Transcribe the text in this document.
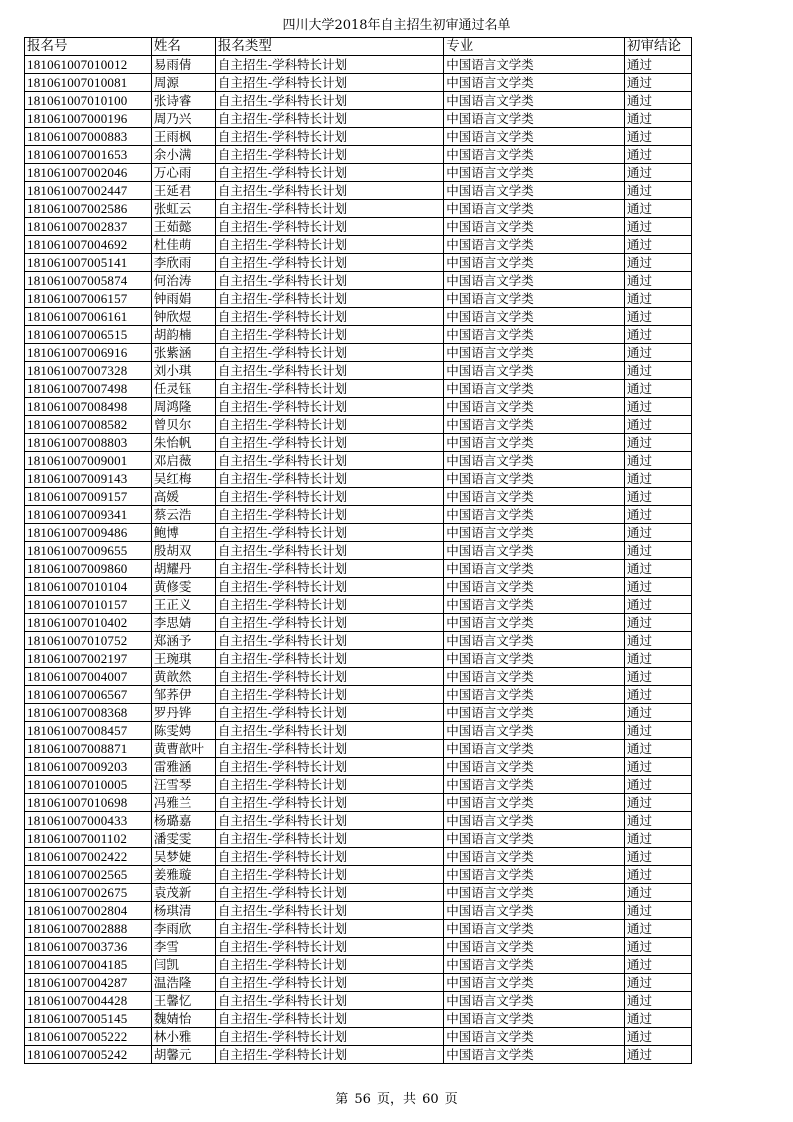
四川大学2018年自主招生初审通过名单
报名号	姓名	报名类型	专业	初审结论
181061007010012	易雨倩	自主招生-学科特长计划	中国语言文学类	通过
181061007010081	周源	自主招生-学科特长计划	中国语言文学类	通过
181061007010100	张诗睿	自主招生-学科特长计划	中国语言文学类	通过
181061007000196	周乃兴	自主招生-学科特长计划	中国语言文学类	通过
181061007000883	王雨枫	自主招生-学科特长计划	中国语言文学类	通过
181061007001653	余小满	自主招生-学科特长计划	中国语言文学类	通过
181061007002046	万心雨	自主招生-学科特长计划	中国语言文学类	通过
181061007002447	王延君	自主招生-学科特长计划	中国语言文学类	通过
181061007002586	张虹云	自主招生-学科特长计划	中国语言文学类	通过
181061007002837	王茹懿	自主招生-学科特长计划	中国语言文学类	通过
181061007004692	杜佳萌	自主招生-学科特长计划	中国语言文学类	通过
181061007005141	李欣雨	自主招生-学科特长计划	中国语言文学类	通过
181061007005874	何治涛	自主招生-学科特长计划	中国语言文学类	通过
181061007006157	钟雨娟	自主招生-学科特长计划	中国语言文学类	通过
181061007006161	钟欣煜	自主招生-学科特长计划	中国语言文学类	通过
181061007006515	胡韵楠	自主招生-学科特长计划	中国语言文学类	通过
181061007006916	张紫涵	自主招生-学科特长计划	中国语言文学类	通过
181061007007328	刘小琪	自主招生-学科特长计划	中国语言文学类	通过
181061007007498	任灵钰	自主招生-学科特长计划	中国语言文学类	通过
181061007008498	周鸿隆	自主招生-学科特长计划	中国语言文学类	通过
181061007008582	曾贝尔	自主招生-学科特长计划	中国语言文学类	通过
181061007008803	朱怡帆	自主招生-学科特长计划	中国语言文学类	通过
181061007009001	邓启薇	自主招生-学科特长计划	中国语言文学类	通过
181061007009143	吴红梅	自主招生-学科特长计划	中国语言文学类	通过
181061007009157	高媛	自主招生-学科特长计划	中国语言文学类	通过
181061007009341	蔡云浩	自主招生-学科特长计划	中国语言文学类	通过
181061007009486	鲍博	自主招生-学科特长计划	中国语言文学类	通过
181061007009655	殷胡双	自主招生-学科特长计划	中国语言文学类	通过
181061007009860	胡耀丹	自主招生-学科特长计划	中国语言文学类	通过
181061007010104	黄修雯	自主招生-学科特长计划	中国语言文学类	通过
181061007010157	王正义	自主招生-学科特长计划	中国语言文学类	通过
181061007010402	李思婧	自主招生-学科特长计划	中国语言文学类	通过
181061007010752	郑涵予	自主招生-学科特长计划	中国语言文学类	通过
181061007002197	王琬琪	自主招生-学科特长计划	中国语言文学类	通过
181061007004007	黄歆然	自主招生-学科特长计划	中国语言文学类	通过
181061007006567	邹荞伊	自主招生-学科特长计划	中国语言文学类	通过
181061007008368	罗丹铧	自主招生-学科特长计划	中国语言文学类	通过
181061007008457	陈雯娉	自主招生-学科特长计划	中国语言文学类	通过
181061007008871	黄曹歆叶	自主招生-学科特长计划	中国语言文学类	通过
181061007009203	雷雅涵	自主招生-学科特长计划	中国语言文学类	通过
181061007010005	汪雪琴	自主招生-学科特长计划	中国语言文学类	通过
181061007010698	冯雅兰	自主招生-学科特长计划	中国语言文学类	通过
181061007000433	杨璐嘉	自主招生-学科特长计划	中国语言文学类	通过
181061007001102	潘雯雯	自主招生-学科特长计划	中国语言文学类	通过
181061007002422	吴梦婕	自主招生-学科特长计划	中国语言文学类	通过
181061007002565	姜雅璇	自主招生-学科特长计划	中国语言文学类	通过
181061007002675	袁茂新	自主招生-学科特长计划	中国语言文学类	通过
181061007002804	杨琪清	自主招生-学科特长计划	中国语言文学类	通过
181061007002888	李雨欣	自主招生-学科特长计划	中国语言文学类	通过
181061007003736	李雪	自主招生-学科特长计划	中国语言文学类	通过
181061007004185	闫凯	自主招生-学科特长计划	中国语言文学类	通过
181061007004287	温浩隆	自主招生-学科特长计划	中国语言文学类	通过
181061007004428	王馨忆	自主招生-学科特长计划	中国语言文学类	通过
181061007005145	魏婧怡	自主招生-学科特长计划	中国语言文学类	通过
181061007005222	林小雅	自主招生-学科特长计划	中国语言文学类	通过
181061007005242	胡馨元	自主招生-学科特长计划	中国语言文学类	通过
第 56 页，共 60 页
